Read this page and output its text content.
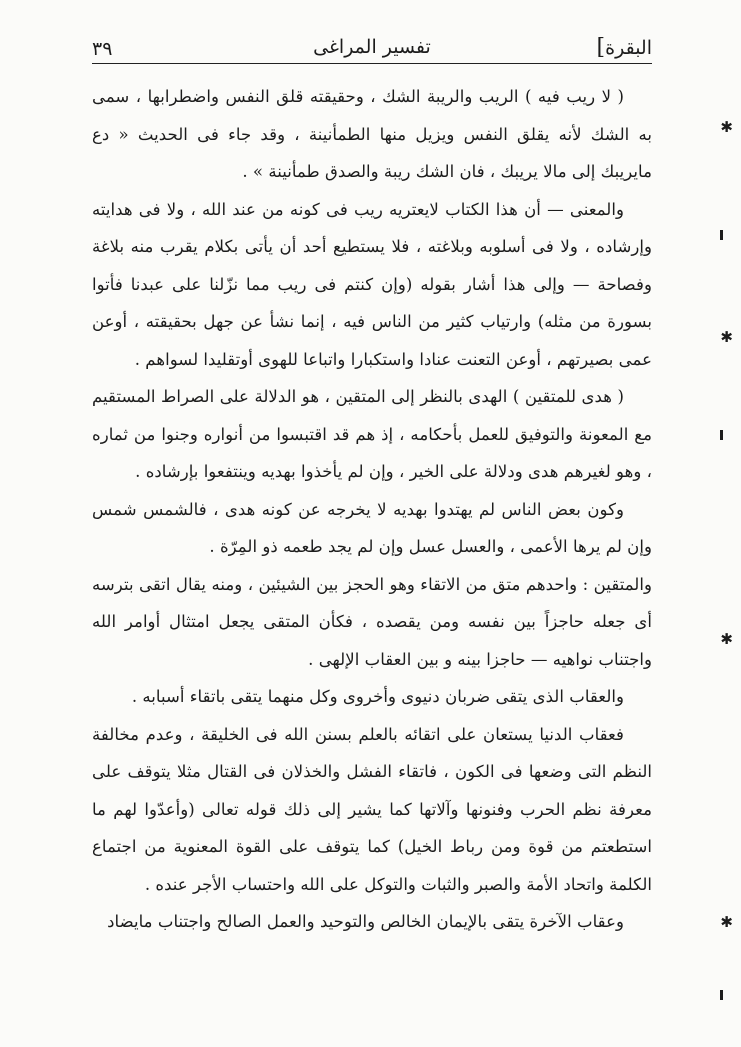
البقرة]
تفسير المراغى
٣٩

( لا ريب فيه ) الريب والريبة الشك ، وحقيقته قلق النفس واضطرابها ، سمى به الشك لأنه يقلق النفس ويزيل منها الطمأنينة ، وقد جاء فى الحديث « دع مايريبك إلى مالا يريبك ، فان الشك ريبة والصدق طمأنينة » .

والمعنى — أن هذا الكتاب لايعتريه ريب فى كونه من عند الله ، ولا فى هدايته وإرشاده ، ولا فى أسلوبه وبلاغته ، فلا يستطيع أحد أن يأتى بكلام يقرب منه بلاغة وفصاحة — وإلى هذا أشار بقوله (وإن كنتم فى ريب مما نزّلنا على عبدنا فأتوا بسورة من مثله) وارتياب كثير من الناس فيه ، إنما نشأ عن جهل بحقيقته ، أوعن عمى بصيرتهم ، أوعن التعنت عنادا واستكبارا واتباعا للهوى أوتقليدا لسواهم .

( هدى للمتقين ) الهدى بالنظر إلى المتقين ، هو الدلالة على الصراط المستقيم مع المعونة والتوفيق للعمل بأحكامه ، إذ هم قد اقتبسوا من أنواره وجنوا من ثماره ، وهو لغيرهم هدى ودلالة على الخير ، وإن لم يأخذوا بهديه وينتفعوا بإرشاده .

وكون بعض الناس لم يهتدوا بهديه لا يخرجه عن كونه هدى ، فالشمس شمس وإن لم يرها الأعمى ، والعسل عسل وإن لم يجد طعمه ذو المِرّة .

والمتقين : واحدهم متق من الاتقاء وهو الحجز بين الشيئين ، ومنه يقال اتقى بترسه أى جعله حاجزاً بين نفسه ومن يقصده ، فكأن المتقى يجعل امتثال أوامر الله واجتناب نواهيه — حاجزا بينه و بين العقاب الإلهى .

والعقاب الذى يتقى ضربان دنيوى وأخروى وكل منهما يتقى باتقاء أسبابه .

فعقاب الدنيا يستعان على اتقائه بالعلم بسنن الله فى الخليقة ، وعدم مخالفة النظم التى وضعها فى الكون ، فاتقاء الفشل والخذلان فى القتال مثلا يتوقف على معرفة نظم الحرب وفنونها وآلاتها كما يشير إلى ذلك قوله تعالى (وأعدّوا لهم ما استطعتم من قوة ومن رباط الخيل) كما يتوقف على القوة المعنوية من اجتماع الكلمة واتحاد الأمة والصبر والثبات والتوكل على الله واحتساب الأجر عنده .

وعقاب الآخرة يتقى بالإيمان الخالص والتوحيد والعمل الصالح واجتناب مايضاد

✱
✱
✱
✱
